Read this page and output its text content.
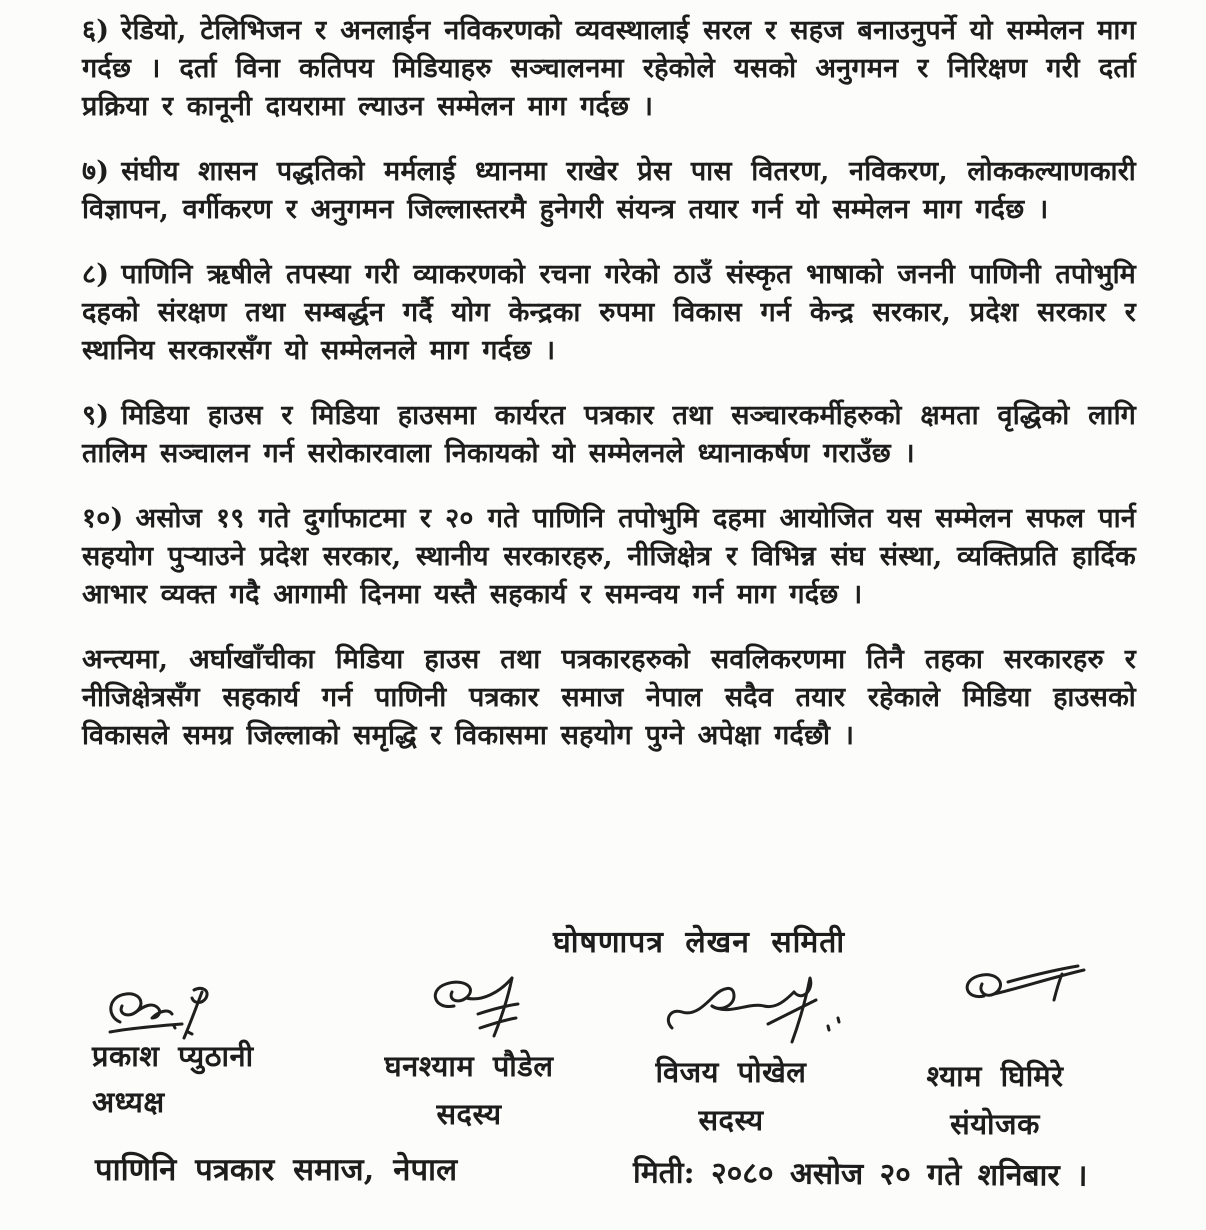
६) रेडियो, टेलिभिजन र अनलाईन नविकरणको व्यवस्थालाई सरल र सहज बनाउनुपर्ने यो सम्मेलन माग गर्दछ । दर्ता विना कतिपय मिडियाहरु सञ्चालनमा रहेकोले यसको अनुगमन र निरिक्षण गरी दर्ता प्रक्रिया र कानूनी दायरामा ल्याउन सम्मेलन माग गर्दछ ।

७) संघीय शासन पद्धतिको मर्मलाई ध्यानमा राखेर प्रेस पास वितरण, नविकरण, लोककल्याणकारी विज्ञापन, वर्गीकरण र अनुगमन जिल्लास्तरमै हुनेगरी संयन्त्र तयार गर्न यो सम्मेलन माग गर्दछ ।

८) पाणिनि ऋषीले तपस्या गरी व्याकरणको रचना गरेको ठाउँ संस्कृत भाषाको जननी पाणिनी तपोभुमि दहको संरक्षण तथा सम्बर्द्धन गर्दै योग केन्द्रका रुपमा विकास गर्न केन्द्र सरकार, प्रदेश सरकार र स्थानिय सरकारसँग यो सम्मेलनले माग गर्दछ ।

९) मिडिया हाउस र मिडिया हाउसमा कार्यरत पत्रकार तथा सञ्चारकर्मीहरुको क्षमता वृद्धिको लागि तालिम सञ्चालन गर्न सरोकारवाला निकायको यो सम्मेलनले ध्यानाकर्षण गराउँछ ।

१०) असोज १९ गते दुर्गाफाटमा र २० गते पाणिनि तपोभुमि दहमा आयोजित यस सम्मेलन सफल पार्न सहयोग पुर्‍याउने प्रदेश सरकार, स्थानीय सरकारहरु, नीजिक्षेत्र र विभिन्न संघ संस्था, व्यक्तिप्रति हार्दिक आभार व्यक्त गदै आगामी दिनमा यस्तै सहकार्य र समन्वय गर्न माग गर्दछ ।

अन्त्यमा, अर्घाखाँचीका मिडिया हाउस तथा पत्रकारहरुको सवलिकरणमा तिनै तहका सरकारहरु र नीजिक्षेत्रसँग सहकार्य गर्न पाणिनी पत्रकार समाज नेपाल सदैव तयार रहेकाले मिडिया हाउसको विकासले समग्र जिल्लाको समृद्धि र विकासमा सहयोग पुग्ने अपेक्षा गर्दछौ ।

घोषणापत्र लेखन समिती
प्रकाश प्युठानी
अध्यक्ष
घनश्याम पौडेल
सदस्य
विजय पोखेल
सदस्य
श्याम घिमिरे
संयोजक
पाणिनि पत्रकार समाज, नेपाल	मिती: २०८० असोज २० गते शनिबार ।
